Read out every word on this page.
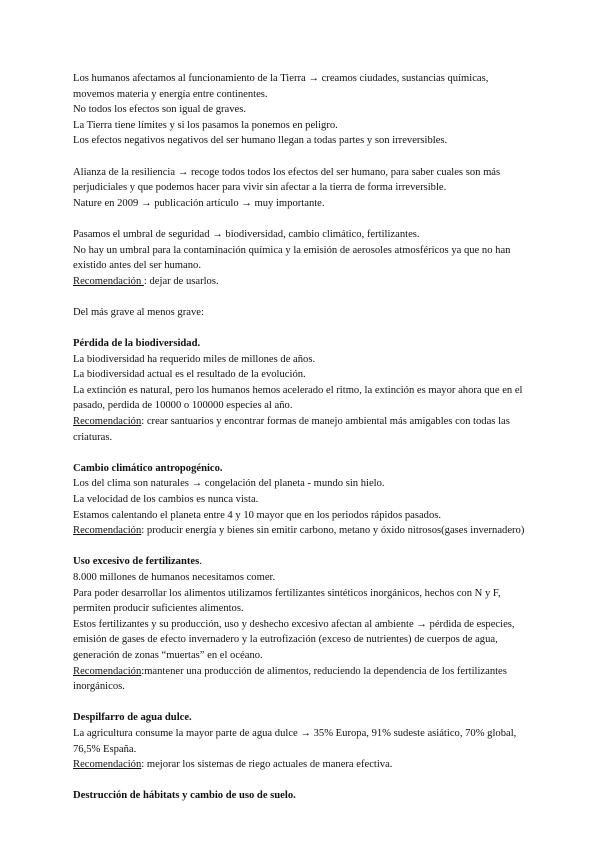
Los humanos afectamos al funcionamiento de la Tierra → creamos ciudades, sustancias químicas, movemos materia y energía entre continentes.
No todos los efectos son igual de graves.
La Tierra tiene límites y si los pasamos la ponemos en peligro.
Los efectos negativos negativos del ser humano llegan a todas partes y son irreversibles.

Alianza de la resiliencia → recoge todos todos los efectos del ser humano, para saber cuales son más perjudiciales y que podemos hacer para vivir sin afectar a la tierra de forma irreversible.
Nature en 2009 → publicación artículo → muy importante.

Pasamos el umbral de seguridad → biodiversidad, cambio climático, fertilizantes.
No hay un umbral para la contaminación química y la emisión de aerosoles atmosféricos ya que no han existido antes del ser humano.
Recomendación : dejar de usarlos.

Del más grave al menos grave:

Pérdida de la biodiversidad.
La biodiversidad ha requerido miles de millones de años.
La biodiversidad actual es el resultado de la evolución.
La extinción es natural, pero los humanos hemos acelerado el ritmo, la extinción es mayor ahora que en el pasado, perdida de 10000 o 100000 especies al año.
Recomendación: crear santuarios y encontrar formas de manejo ambiental más amigables con todas las criaturas.

Cambio climático antropogénico.
Los del clima son naturales → congelación del planeta - mundo sin hielo.
La velocidad de los cambios es nunca vista.
Estamos calentando el planeta entre 4 y 10 mayor que en los periodos rápidos pasados.
Recomendación: producir energía y bienes sin emitir carbono, metano y óxido nitrosos(gases invernadero)

Uso excesivo de fertilizantes.
8.000 millones de humanos necesitamos comer.
Para poder desarrollar los alimentos utilizamos fertilizantes sintéticos inorgánicos, hechos con N y F, permiten producir suficientes alimentos.
Estos fertilizantes y su producción, uso y deshecho excesivo afectan al ambiente → pérdida de especies, emisión de gases de efecto invernadero y la eutrofización (exceso de nutrientes) de cuerpos de agua, generación de zonas “muertas” en el océano.
Recomendación:mantener una producción de alimentos, reduciendo la dependencia de los fertilizantes inorgánicos.

Despilfarro de agua dulce.
La agricultura consume la mayor parte de agua dulce → 35% Europa, 91% sudeste asiático, 70% global, 76,5% España.
Recomendación: mejorar los sistemas de riego actuales de manera efectiva.

Destrucción de hábitats y cambio de uso de suelo.
